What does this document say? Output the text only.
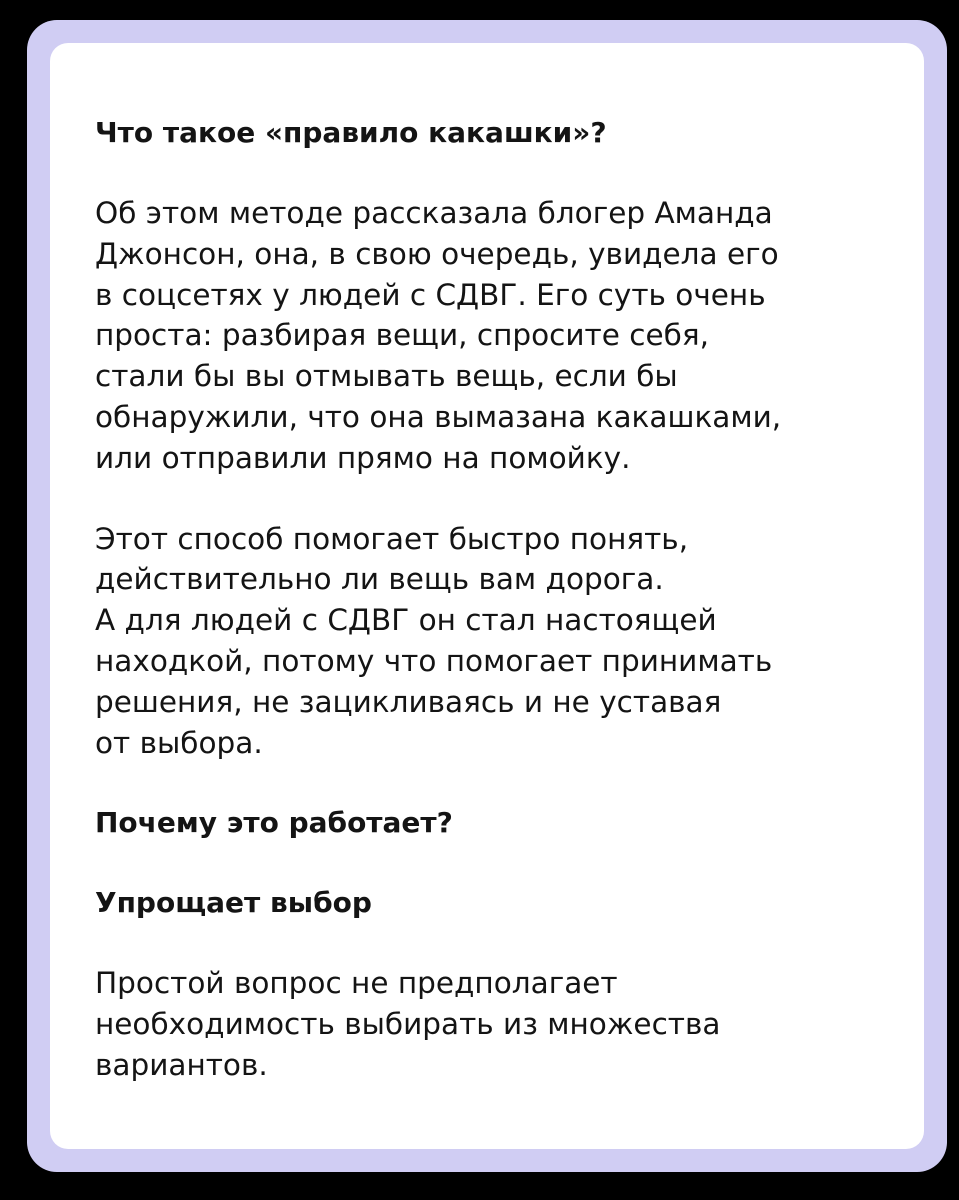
Что такое «правило какашки»?
Об этом методе рассказала блогер Аманда
Джонсон, она, в свою очередь, увидела его
в соцсетях у людей с СДВГ. Его суть очень
проста: разбирая вещи, спросите себя,
стали бы вы отмывать вещь, если бы
обнаружили, что она вымазана какашками,
или отправили прямо на помойку.
Этот способ помогает быстро понять,
действительно ли вещь вам дорога.
А для людей с СДВГ он стал настоящей
находкой, потому что помогает принимать
решения, не зацикливаясь и не уставая
от выбора.
Почему это работает?
Упрощает выбор
Простой вопрос не предполагает
необходимость выбирать из множества
вариантов.
